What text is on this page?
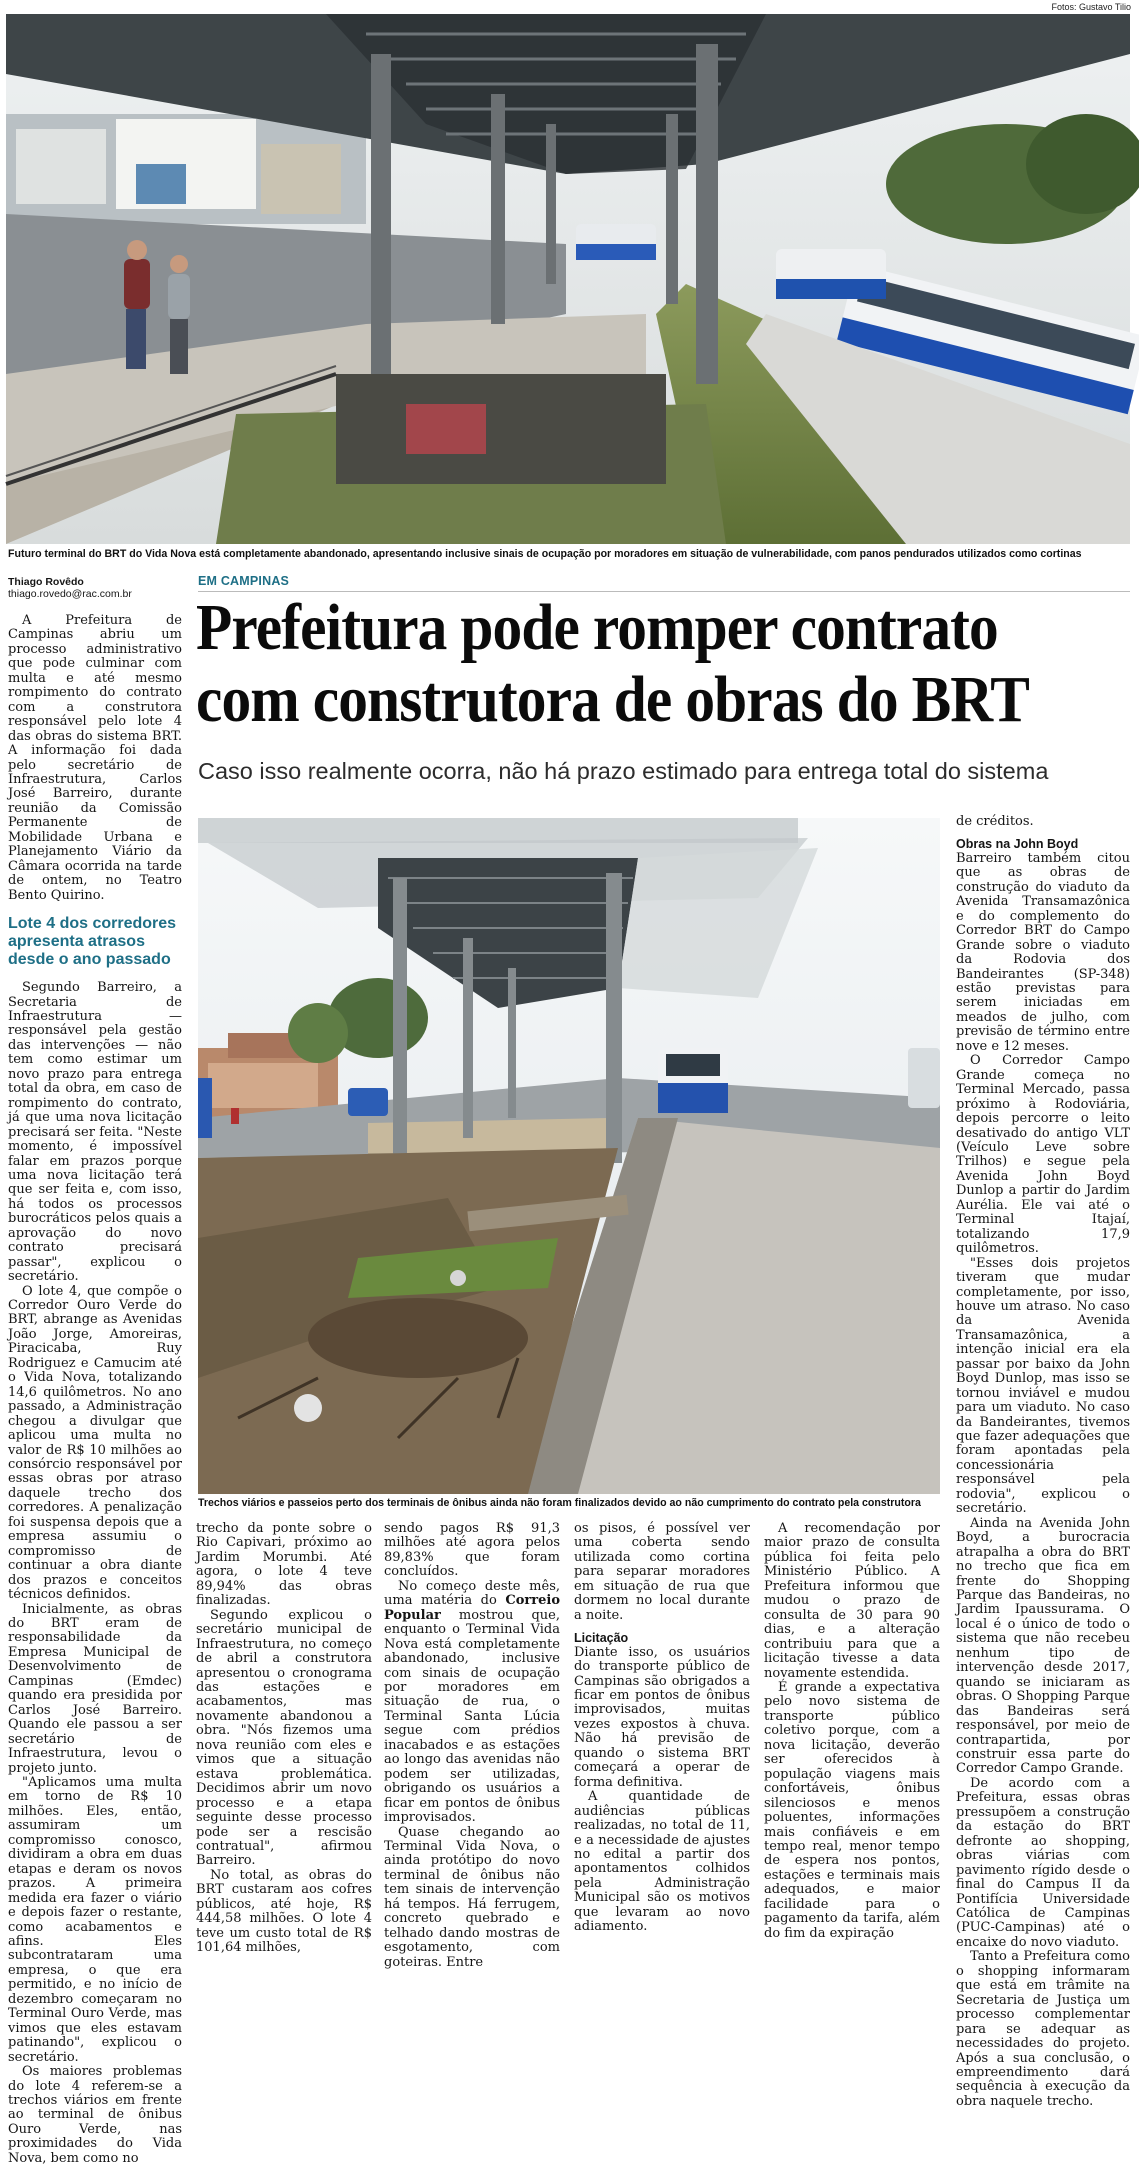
Fotos: Gustavo Tilio
Futuro terminal do BRT do Vida Nova está completamente abandonado, apresentando inclusive sinais de ocupação por moradores em situação de vulnerabilidade, com panos pendurados utilizados como cortinas
Thiago Rovêdo
thiago.rovedo@rac.com.br
EM CAMPINAS
Prefeitura pode romper contrato
com construtora de obras do BRT
Caso isso realmente ocorra, não há prazo estimado para entrega total do sistema

A Prefeitura de Campinas abriu um processo administrativo que pode culminar com multa e até mesmo rompimento do contrato com a construtora responsável pelo lote 4 das obras do sistema BRT. A informação foi dada pelo secretário de Infraestrutura, Carlos José Barreiro, durante reunião da Comissão Permanente de Mobilidade Urbana e Planejamento Viário da Câmara ocorrida na tarde de ontem, no Teatro Bento Quirino.

Lote 4 dos corredores apresenta atrasos desde o ano passado

Segundo Barreiro, a Secretaria de Infraestrutura — responsável pela gestão das intervenções — não tem como estimar um novo prazo para entrega total da obra, em caso de rompimento do contrato, já que uma nova licitação precisará ser feita. "Neste momento, é impossível falar em prazos porque uma nova licitação terá que ser feita e, com isso, há todos os processos burocráticos pelos quais a aprovação do novo contrato precisará passar", explicou o secretário.

O lote 4, que compõe o Corredor Ouro Verde do BRT, abrange as Avenidas João Jorge, Amoreiras, Piracicaba, Ruy Rodriguez e Camucim até o Vida Nova, totalizando 14,6 quilômetros. No ano passado, a Administração chegou a divulgar que aplicou uma multa no valor de R$ 10 milhões ao consórcio responsável por essas obras por atraso daquele trecho dos corredores. A penalização foi suspensa depois que a empresa assumiu o compromisso de continuar a obra diante dos prazos e conceitos técnicos definidos.

Inicialmente, as obras do BRT eram de responsabilidade da Empresa Municipal de Desenvolvimento de Campinas (Emdec) quando era presidida por Carlos José Barreiro. Quando ele passou a ser secretário de Infraestrutura, levou o projeto junto.

"Aplicamos uma multa em torno de R$ 10 milhões. Eles, então, assumiram um compromisso conosco, dividiram a obra em duas etapas e deram os novos prazos. A primeira medida era fazer o viário e depois fazer o restante, como acabamentos e afins. Eles subcontrataram uma empresa, o que era permitido, e no início de dezembro começaram no Terminal Ouro Verde, mas vimos que eles estavam patinando", explicou o secretário.

Os maiores problemas do lote 4 referem-se a trechos viários em frente ao terminal de ônibus Ouro Verde, nas proximidades do Vida Nova, bem como no

Trechos viários e passeios perto dos terminais de ônibus ainda não foram finalizados devido ao não cumprimento do contrato pela construtora

de créditos.

Obras na John Boyd

Barreiro também citou que as obras de construção do viaduto da Avenida Transamazônica e do complemento do Corredor BRT do Campo Grande sobre o viaduto da Rodovia dos Bandeirantes (SP-348) estão previstas para serem iniciadas em meados de julho, com previsão de término entre nove e 12 meses.

O Corredor Campo Grande começa no Terminal Mercado, passa próximo à Rodoviária, depois percorre o leito desativado do antigo VLT (Veículo Leve sobre Trilhos) e segue pela Avenida John Boyd Dunlop a partir do Jardim Aurélia. Ele vai até o Terminal Itajaí, totalizando 17,9 quilômetros.

"Esses dois projetos tiveram que mudar completamente, por isso, houve um atraso. No caso da Avenida Transamazônica, a intenção inicial era ela passar por baixo da John Boyd Dunlop, mas isso se tornou inviável e mudou para um viaduto. No caso da Bandeirantes, tivemos que fazer adequações que foram apontadas pela concessionária responsável pela rodovia", explicou o secretário.

Ainda na Avenida John Boyd, a burocracia atrapalha a obra do BRT no trecho que fica em frente do Shopping Parque das Bandeiras, no Jardim Ipaussurama. O local é o único de todo o sistema que não recebeu nenhum tipo de intervenção desde 2017, quando se iniciaram as obras. O Shopping Parque das Bandeiras será responsável, por meio de contrapartida, por construir essa parte do Corredor Campo Grande.

De acordo com a Prefeitura, essas obras pressupõem a construção da estação do BRT defronte ao shopping, obras viárias com pavimento rígido desde o final do Campus II da Pontifícia Universidade Católica de Campinas (PUC-Campinas) até o encaixe do novo viaduto.

Tanto a Prefeitura como o shopping informaram que está em trâmite na Secretaria de Justiça um processo complementar para se adequar as necessidades do projeto. Após a sua conclusão, o empreendimento dará sequência à execução da obra naquele trecho.

trecho da ponte sobre o Rio Capivari, próximo ao Jardim Morumbi. Até agora, o lote 4 teve 89,94% das obras finalizadas.

Segundo explicou o secretário municipal de Infraestrutura, no começo de abril a construtora apresentou o cronograma das estações e acabamentos, mas novamente abandonou a obra. "Nós fizemos uma nova reunião com eles e vimos que a situação estava problemática. Decidimos abrir um novo processo e a etapa seguinte desse processo pode ser a rescisão contratual", afirmou Barreiro.

No total, as obras do BRT custaram aos cofres públicos, até hoje, R$ 444,58 milhões. O lote 4 teve um custo total de R$ 101,64 milhões,

sendo pagos R$ 91,3 milhões até agora pelos 89,83% que foram concluídos.

No começo deste mês, uma matéria do Correio Popular mostrou que, enquanto o Terminal Vida Nova está completamente abandonado, inclusive com sinais de ocupação por moradores em situação de rua, o Terminal Santa Lúcia segue com prédios inacabados e as estações ao longo das avenidas não podem ser utilizadas, obrigando os usuários a ficar em pontos de ônibus improvisados.

Quase chegando ao Terminal Vida Nova, o ainda protótipo do novo terminal de ônibus não tem sinais de intervenção há tempos. Há ferrugem, concreto quebrado e telhado dando mostras de esgotamento, com goteiras. Entre

os pisos, é possível ver uma coberta sendo utilizada como cortina para separar moradores em situação de rua que dormem no local durante a noite.

Licitação

Diante isso, os usuários do transporte público de Campinas são obrigados a ficar em pontos de ônibus improvisados, muitas vezes expostos à chuva. Não há previsão de quando o sistema BRT começará a operar de forma definitiva.

A quantidade de audiências públicas realizadas, no total de 11, e a necessidade de ajustes no edital a partir dos apontamentos colhidos pela Administração Municipal são os motivos que levaram ao novo adiamento.

A recomendação por maior prazo de consulta pública foi feita pelo Ministério Público. A Prefeitura informou que mudou o prazo de consulta de 30 para 90 dias, e a alteração contribuiu para que a licitação tivesse a data novamente estendida.

É grande a expectativa pelo novo sistema de transporte público coletivo porque, com a nova licitação, deverão ser oferecidos à população viagens mais confortáveis, ônibus silenciosos e menos poluentes, informações mais confiáveis e em tempo real, menor tempo de espera nos pontos, estações e terminais mais adequados, e maior facilidade para o pagamento da tarifa, além do fim da expiração
